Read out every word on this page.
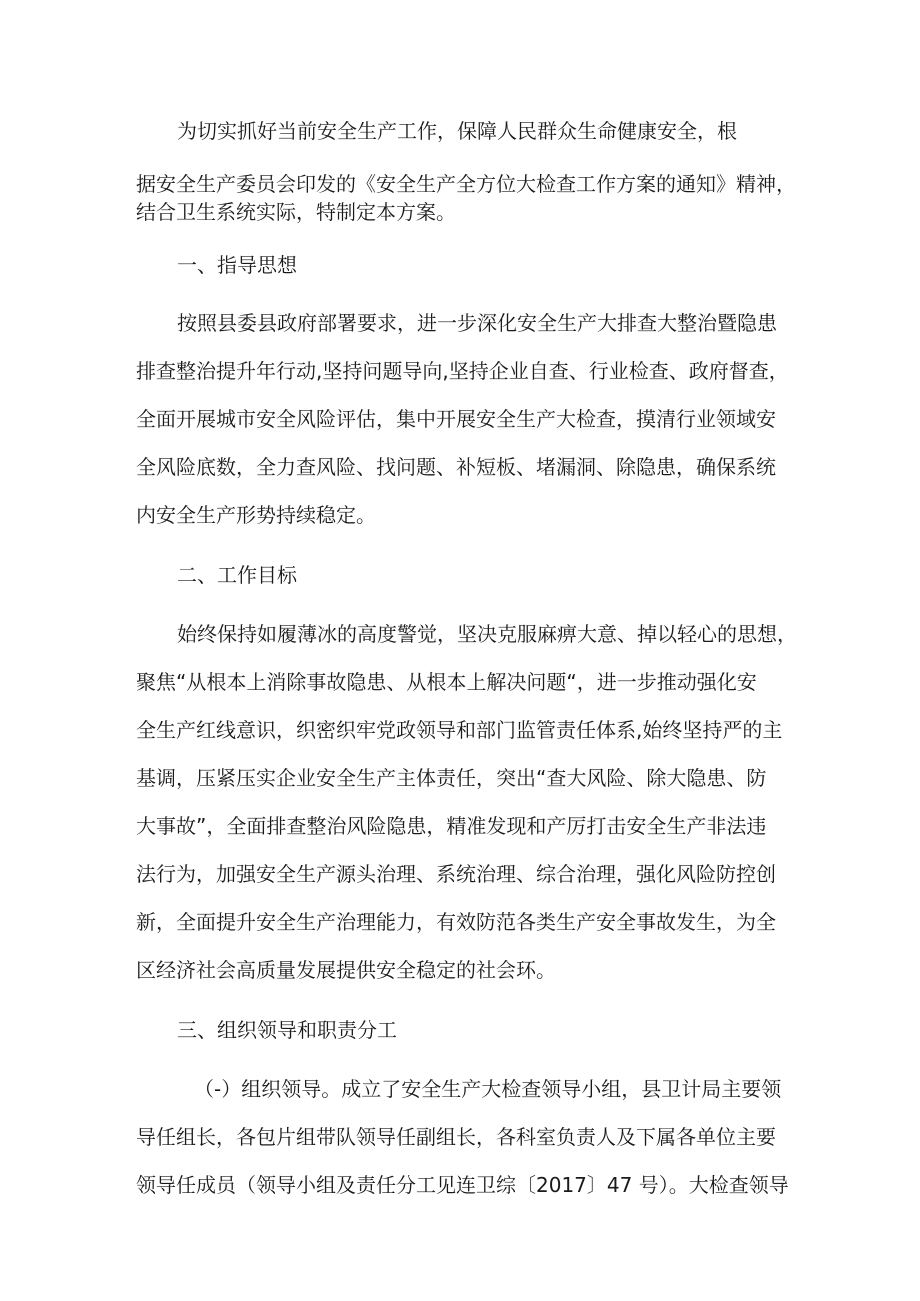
为切实抓好当前安全生产工作，保障人民群众生命健康安全，根
据安全生产委员会印发的《安全生产全方位大检查工作方案的通知》精神，
结合卫生系统实际，特制定本方案。
一、指导思想
按照县委县政府部署要求，进一步深化安全生产大排查大整治暨隐患
排查整治提升年行动,坚持问题导向,坚持企业自查、行业检查、政府督查，
全面开展城市安全风险评估，集中开展安全生产大检查，摸清行业领域安
全风险底数，全力查风险、找问题、补短板、堵漏洞、除隐患，确保系统
内安全生产形势持续稳定。
二、工作目标
始终保持如履薄冰的高度警觉，坚决克服麻痹大意、掉以轻心的思想，
聚焦“从根本上消除事故隐患、从根本上解决问题“，进一步推动强化安
全生产红线意识，织密织牢党政领导和部门监管责任体系,始终坚持严的主
基调，压紧压实企业安全生产主体责任，突出“查大风险、除大隐患、防
大事故”，全面排查整治风险隐患，精准发现和产厉打击安全生产非法违
法行为，加强安全生产源头治理、系统治理、综合治理，强化风险防控创
新，全面提升安全生产治理能力，有效防范各类生产安全事故发生，为全
区经济社会高质量发展提供安全稳定的社会环。
三、组织领导和职责分工
（-）组织领导。成立了安全生产大检查领导小组，县卫计局主要领
导任组长，各包片组带队领导任副组长，各科室负责人及下属各单位主要
领导任成员（领导小组及责任分工见连卫综〔2017〕47 号）。大检查领导
